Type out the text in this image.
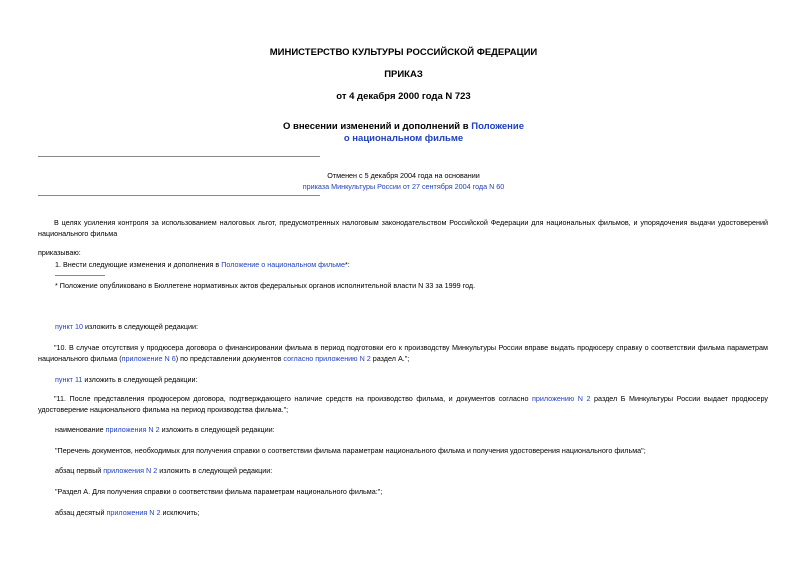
МИНИСТЕРСТВО КУЛЬТУРЫ РОССИЙСКОЙ ФЕДЕРАЦИИ
ПРИКАЗ
от 4 декабря 2000 года N 723
О внесении изменений и дополнений в Положение
о национальном фильме
Отменен с 5 декабря 2004 года на основании
приказа Минкультуры России от 27 сентября 2004 года N 60
В целях усиления контроля за использованием налоговых льгот, предусмотренных налоговым законодательством Российской Федерации для национальных фильмов, и упорядочения выдачи удостоверений национального фильма
приказываю:
1. Внести следующие изменения и дополнения в Положение о национальном фильме*:
* Положение опубликовано в Бюллетене нормативных актов федеральных органов исполнительной власти N 33 за 1999 год.
пункт 10 изложить в следующей редакции:
"10. В случае отсутствия у продюсера договора о финансировании фильма в период подготовки его к производству Минкультуры России вправе выдать продюсеру справку о соответствии фильма параметрам национального фильма (приложение N 6) по представлении документов согласно приложению N 2 раздел А.";
пункт 11 изложить в следующей редакции:
"11. После представления продюсером договора, подтверждающего наличие средств на производство фильма, и документов согласно приложению N 2 раздел Б Минкультуры России выдает продюсеру удостоверение национального фильма на период производства фильма.";
наименование приложения N 2 изложить в следующей редакции:
"Перечень документов, необходимых для получения справки о соответствии фильма параметрам национального фильма и получения удостоверения национального фильма";
абзац первый приложения N 2 изложить в следующей редакции:
"Раздел А. Для получения справки о соответствии фильма параметрам национального фильма:";
абзац десятый приложения N 2 исключить;
